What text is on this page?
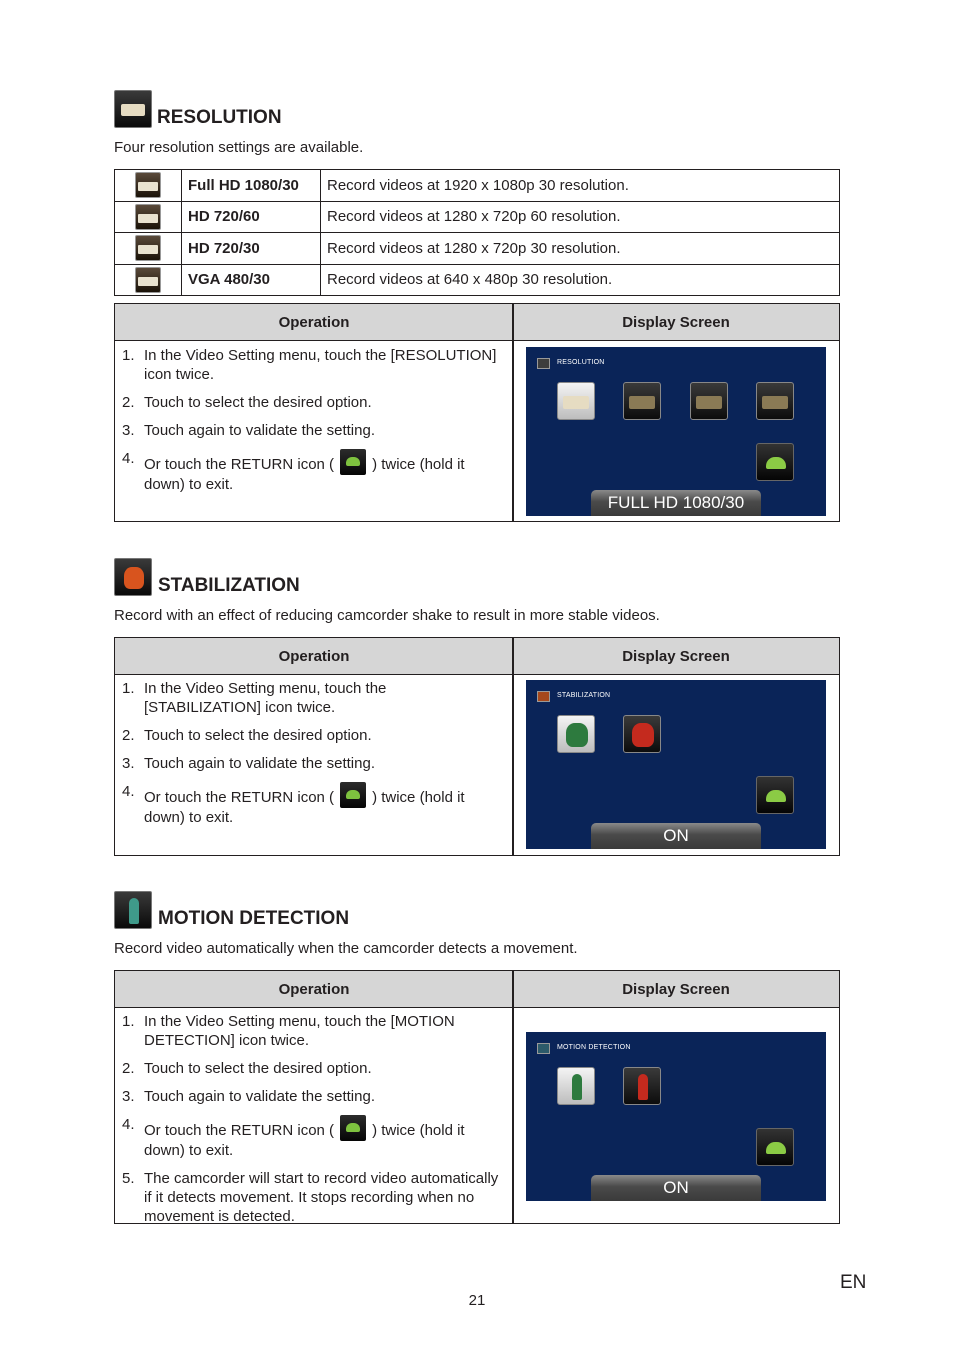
RESOLUTION
Four resolution settings are available.
	Full HD 1080/30	Record videos at 1920 x 1080p 30 resolution.

	HD 720/60	Record videos at 1280 x 720p 60 resolution.

	HD 720/30	Record videos at 1280 x 720p 30 resolution.

	VGA 480/30	Record videos at 640 x 480p 30 resolution.
Operation	Display Screen
1. In the Video Setting menu, touch the [RESOLUTION] icon twice.
2. Touch to select the desired option.
3. Touch again to validate the setting.
4. Or touch the RETURN icon (	) twice (hold it down) to exit.
RESOLUTION
FULL HD 1080/30
STABILIZATION
Record with an effect of reducing camcorder shake to result in more stable videos.
Operation	Display Screen
1. In the Video Setting menu, touch the [STABILIZATION] icon twice.
2. Touch to select the desired option.
3. Touch again to validate the setting.
4. Or touch the RETURN icon (	) twice (hold it down) to exit.
STABILIZATION
ON
MOTION DETECTION
Record video automatically when the camcorder detects a movement.
Operation	Display Screen
1. In the Video Setting menu, touch the [MOTION DETECTION] icon twice.
2. Touch to select the desired option.
3. Touch again to validate the setting.
4. Or touch the RETURN icon (	) twice (hold it down) to exit.
5. The camcorder will start to record video automatically if it detects movement. It stops recording when no movement is detected.
MOTION DETECTION
ON
EN
21
